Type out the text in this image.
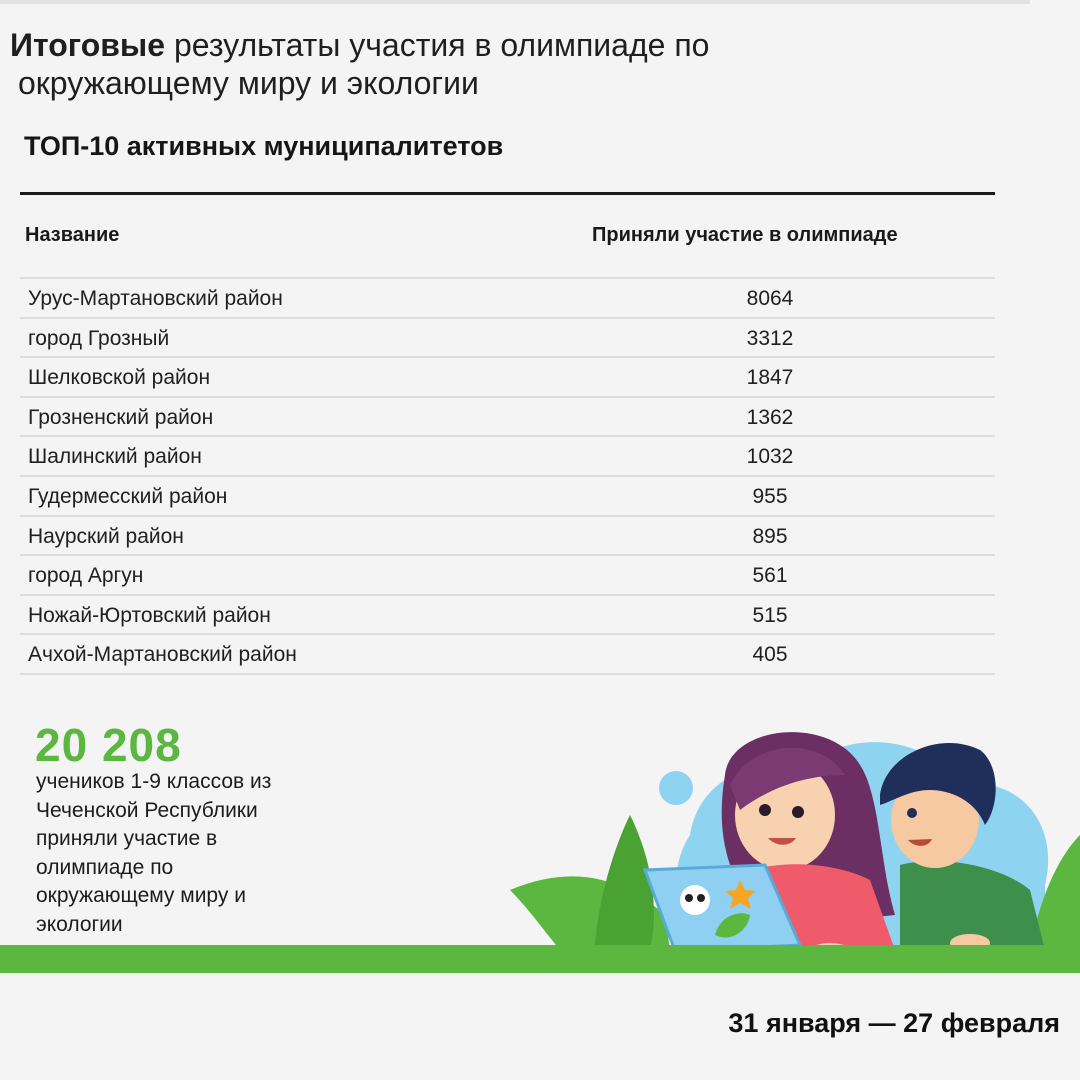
Итоговые результаты участия в олимпиаде по
окружающему миру и экологии
ТОП-10 активных муниципалитетов
Название	Приняли участие в олимпиаде
Урус-Мартановский район	8064
город Грозный	3312
Шелковской район	1847
Грозненский район	1362
Шалинский район	1032
Гудермесский район	955
Наурский район	895
город Аргун	561
Ножай-Юртовский район	515
Ачхой-Мартановский район	405
20 208
учеников 1-9 классов из
Чеченской Республики
приняли участие в
олимпиаде по
окружающему миру и
экологии
31 января — 27 февраля
